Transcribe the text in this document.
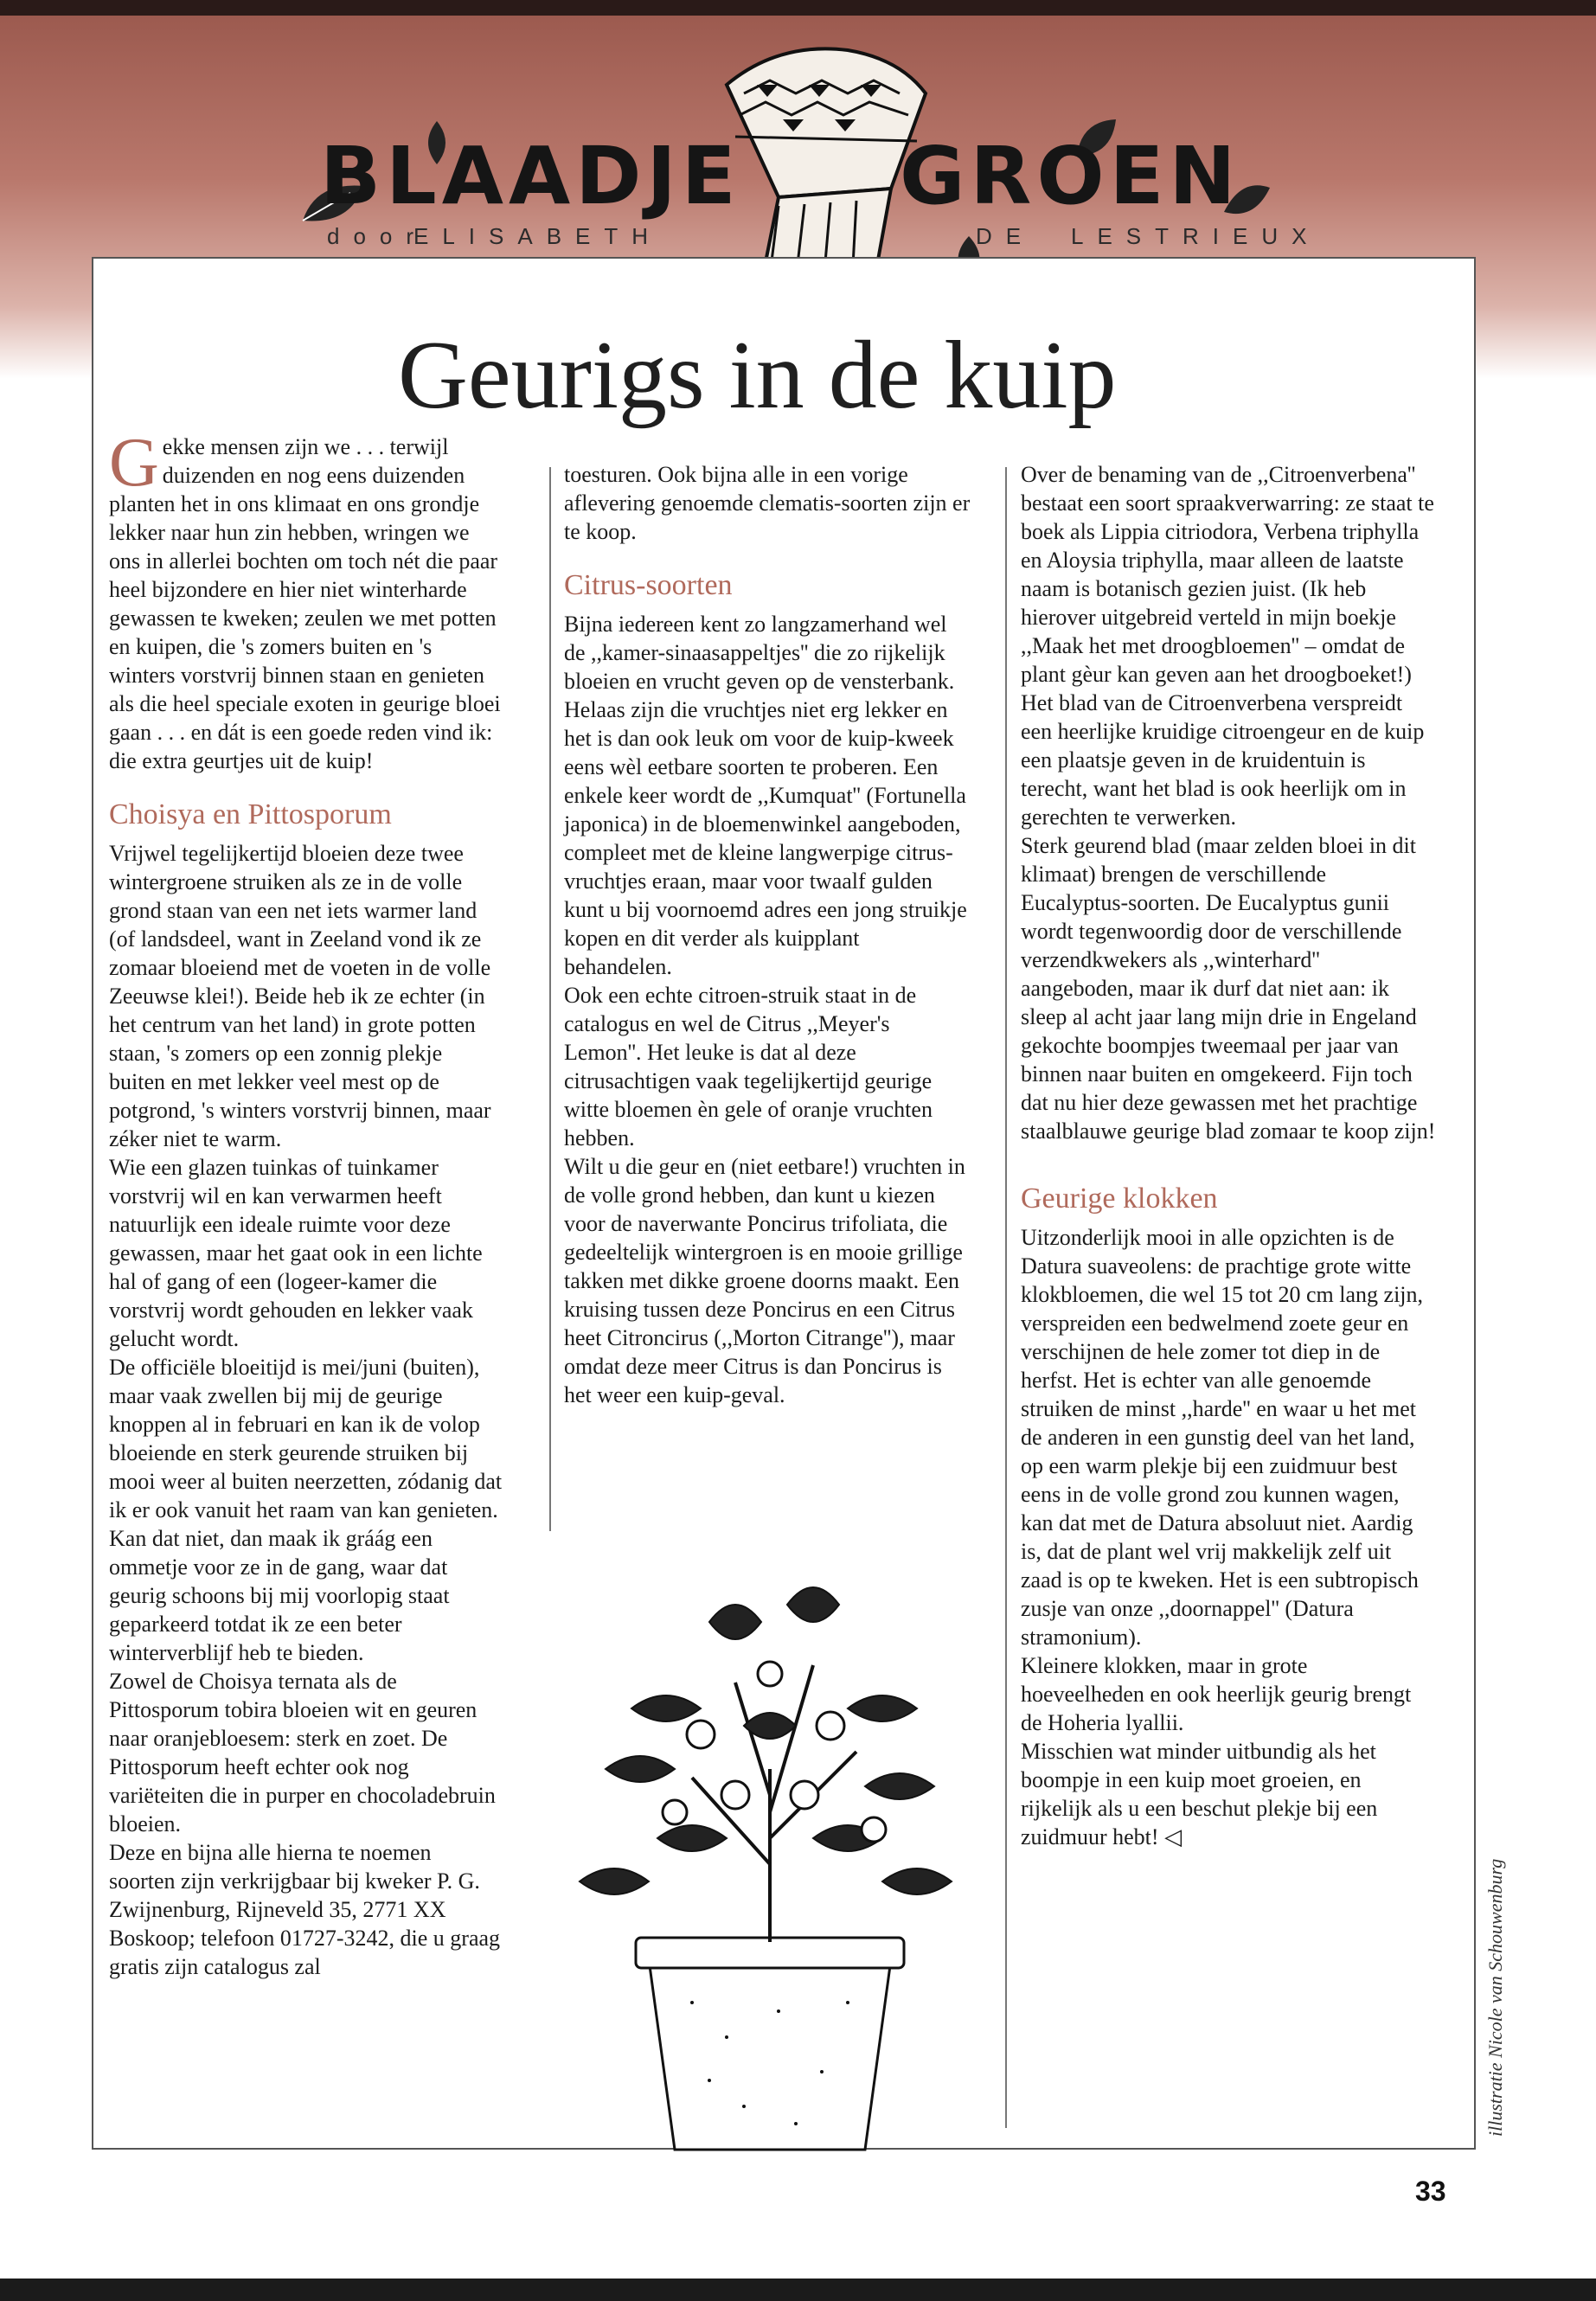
BLAADJE GROEN
door
ELISABETH	DE LESTRIEUX
Geurigs in de kuip

Gekke mensen zijn we . . . terwijl duizenden en nog eens duizenden planten het in ons klimaat en ons grondje lekker naar hun zin hebben, wringen we ons in allerlei bochten om toch nét die paar heel bijzondere en hier niet winterharde gewassen te kweken; zeulen we met potten en kuipen, die 's zomers buiten en 's winters vorstvrij binnen staan en genieten als die heel speciale exoten in geurige bloei gaan . . . en dát is een goede reden vind ik: die extra geurtjes uit de kuip!

Choisya en Pittosporum

Vrijwel tegelijkertijd bloeien deze twee wintergroene struiken als ze in de volle grond staan van een net iets warmer land (of landsdeel, want in Zeeland vond ik ze zomaar bloeiend met de voeten in de volle Zeeuwse klei!). Beide heb ik ze echter (in het centrum van het land) in grote potten staan, 's zomers op een zonnig plekje buiten en met lekker veel mest op de potgrond, 's winters vorstvrij binnen, maar zéker niet te warm.

Wie een glazen tuinkas of tuinkamer vorstvrij wil en kan verwarmen heeft natuurlijk een ideale ruimte voor deze gewassen, maar het gaat ook in een lichte hal of gang of een (logeer-kamer die vorstvrij wordt gehouden en lekker vaak gelucht wordt.

De officiële bloeitijd is mei/juni (buiten), maar vaak zwellen bij mij de geurige knoppen al in februari en kan ik de volop bloeiende en sterk geurende struiken bij mooi weer al buiten neerzetten, zódanig dat ik er ook vanuit het raam van kan genieten. Kan dat niet, dan maak ik gráág een ommetje voor ze in de gang, waar dat geurig schoons bij mij voorlopig staat geparkeerd totdat ik ze een beter winterverblijf heb te bieden.

Zowel de Choisya ternata als de Pittosporum tobira bloeien wit en geuren naar oranjebloesem: sterk en zoet. De Pittosporum heeft echter ook nog variëteiten die in purper en chocoladebruin bloeien.

Deze en bijna alle hierna te noemen soorten zijn verkrijgbaar bij kweker P. G. Zwijnenburg, Rijneveld 35, 2771 XX Boskoop; telefoon 01727-3242, die u graag gratis zijn catalogus zal

toesturen. Ook bijna alle in een vorige aflevering genoemde clematis-soorten zijn er te koop.

Citrus-soorten

Bijna iedereen kent zo langzamerhand wel de ,,kamer-sinaasappeltjes'' die zo rijkelijk bloeien en vrucht geven op de vensterbank. Helaas zijn die vruchtjes niet erg lekker en het is dan ook leuk om voor de kuip-kweek eens wèl eetbare soorten te proberen. Een enkele keer wordt de ,,Kumquat'' (Fortunella japonica) in de bloemenwinkel aangeboden, compleet met de kleine langwerpige citrus-vruchtjes eraan, maar voor twaalf gulden kunt u bij voornoemd adres een jong struikje kopen en dit verder als kuipplant behandelen.

Ook een echte citroen-struik staat in de catalogus en wel de Citrus ,,Meyer's Lemon''. Het leuke is dat al deze citrusachtigen vaak tegelijkertijd geurige witte bloemen èn gele of oranje vruchten hebben.

Wilt u die geur en (niet eetbare!) vruchten in de volle grond hebben, dan kunt u kiezen voor de naverwante Poncirus trifoliata, die gedeeltelijk wintergroen is en mooie grillige takken met dikke groene doorns maakt. Een kruising tussen deze Poncirus en een Citrus heet Citroncirus (,,Morton Citrange''), maar omdat deze meer Citrus is dan Poncirus is het weer een kuip-geval.

Over de benaming van de ,,Citroenverbena'' bestaat een soort spraakverwarring: ze staat te boek als Lippia citriodora, Verbena triphylla en Aloysia triphylla, maar alleen de laatste naam is botanisch gezien juist. (Ik heb hierover uitgebreid verteld in mijn boekje ,,Maak het met droogbloemen'' – omdat de plant gèur kan geven aan het droogboeket!) Het blad van de Citroenverbena verspreidt een heerlijke kruidige citroengeur en de kuip een plaatsje geven in de kruidentuin is terecht, want het blad is ook heerlijk om in gerechten te verwerken.

Sterk geurend blad (maar zelden bloei in dit klimaat) brengen de verschillende Eucalyptus-soorten. De Eucalyptus gunii wordt tegenwoordig door de verschillende verzendkwekers als ,,winterhard'' aangeboden, maar ik durf dat niet aan: ik sleep al acht jaar lang mijn drie in Engeland gekochte boompjes tweemaal per jaar van binnen naar buiten en omgekeerd. Fijn toch dat nu hier deze gewassen met het prachtige staalblauwe geurige blad zomaar te koop zijn!

Geurige klokken

Uitzonderlijk mooi in alle opzichten is de Datura suaveolens: de prachtige grote witte klokbloemen, die wel 15 tot 20 cm lang zijn, verspreiden een bedwelmend zoete geur en verschijnen de hele zomer tot diep in de herfst. Het is echter van alle genoemde struiken de minst ,,harde'' en waar u het met de anderen in een gunstig deel van het land, op een warm plekje bij een zuidmuur best eens in de volle grond zou kunnen wagen, kan dat met de Datura absoluut niet. Aardig is, dat de plant wel vrij makkelijk zelf uit zaad is op te kweken. Het is een subtropisch zusje van onze ,,doornappel'' (Datura stramonium).

Kleinere klokken, maar in grote hoeveelheden en ook heerlijk geurig brengt de Hoheria lyallii.

Misschien wat minder uitbundig als het boompje in een kuip moet groeien, en rijkelijk als u een beschut plekje bij een zuidmuur hebt! ◁

illustratie Nicole van Schouwenburg
33
